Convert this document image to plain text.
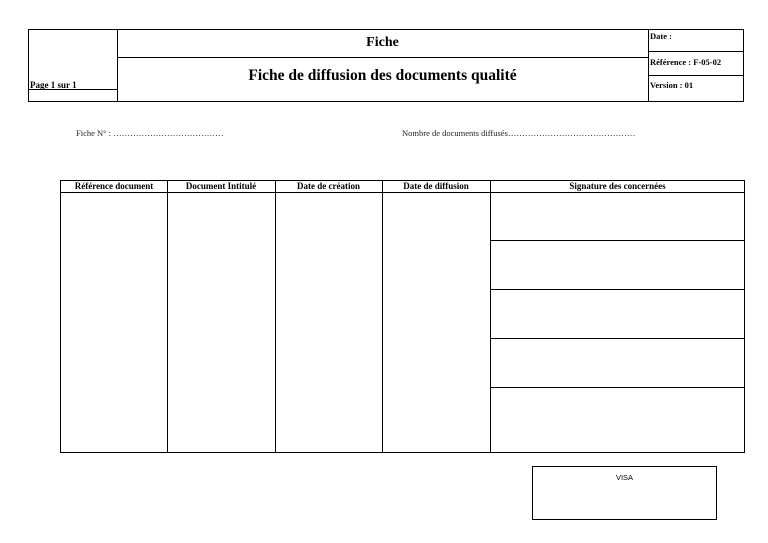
Fiche
Fiche de diffusion des documents qualité
Page 1 sur 1
Date :
Référence : F-05-02
Version : 01
Fiche N° : …………………………………	Nombre de documents diffusés………………………………………
Référence document	Document Intitulé	Date de création	Date de diffusion	Signature des concernées
VISA
